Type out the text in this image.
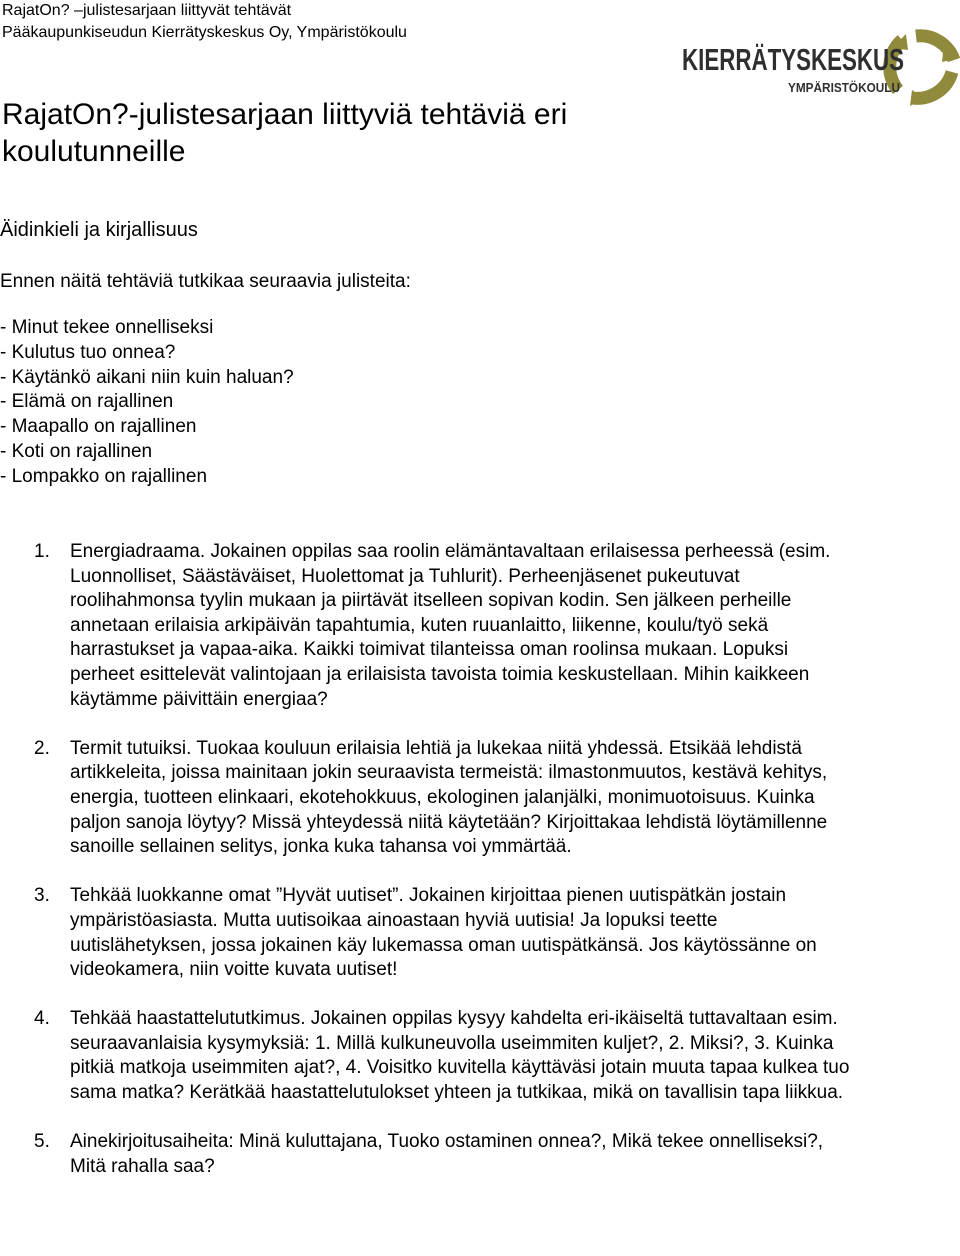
RajatOn? –julistesarjaan liittyvät tehtävät
Pääkaupunkiseudun Kierrätyskeskus Oy, Ympäristökoulu
KIERRÄTYSKESKUS
YMPÄRISTÖKOULU
RajatOn?-julistesarjaan liittyviä tehtäviä eri koulutunneille
Äidinkieli ja kirjallisuus
Ennen näitä tehtäviä tutkikaa seuraavia julisteita:
- Minut tekee onnelliseksi
- Kulutus tuo onnea?
- Käytänkö aikani niin kuin haluan?
- Elämä on rajallinen
- Maapallo on rajallinen
- Koti on rajallinen
- Lompakko on rajallinen
1.	Energiadraama. Jokainen oppilas saa roolin elämäntavaltaan erilaisessa perheessä (esim. Luonnolliset, Säästäväiset, Huolettomat ja Tuhlurit). Perheenjäsenet pukeutuvat roolihahmonsa tyylin mukaan ja piirtävät itselleen sopivan kodin. Sen jälkeen perheille annetaan erilaisia arkipäivän tapahtumia, kuten ruuanlaitto, liikenne, koulu/työ sekä harrastukset ja vapaa-aika. Kaikki toimivat tilanteissa oman roolinsa mukaan. Lopuksi perheet esittelevät valintojaan ja erilaisista tavoista toimia keskustellaan. Mihin kaikkeen käytämme päivittäin energiaa?
2.	Termit tutuiksi. Tuokaa kouluun erilaisia lehtiä ja lukekaa niitä yhdessä. Etsikää lehdistä artikkeleita, joissa mainitaan jokin seuraavista termeistä: ilmastonmuutos, kestävä kehitys, energia, tuotteen elinkaari, ekotehokkuus, ekologinen jalanjälki, monimuotoisuus. Kuinka paljon sanoja löytyy? Missä yhteydessä niitä käytetään? Kirjoittakaa lehdistä löytämillenne sanoille sellainen selitys, jonka kuka tahansa voi ymmärtää.
3.	Tehkää luokkanne omat ”Hyvät uutiset”. Jokainen kirjoittaa pienen uutispätkän jostain ympäristöasiasta. Mutta uutisoikaa ainoastaan hyviä uutisia! Ja lopuksi teette uutislähetyksen, jossa jokainen käy lukemassa oman uutispätkänsä. Jos käytössänne on videokamera, niin voitte kuvata uutiset!
4.	Tehkää haastattelututkimus. Jokainen oppilas kysyy kahdelta eri-ikäiseltä tuttavaltaan esim. seuraavanlaisia kysymyksiä: 1. Millä kulkuneuvolla useimmiten kuljet?, 2. Miksi?, 3. Kuinka pitkiä matkoja useimmiten ajat?, 4. Voisitko kuvitella käyttäväsi jotain muuta tapaa kulkea tuo sama matka? Kerätkää haastattelutulokset yhteen ja tutkikaa, mikä on tavallisin tapa liikkua.
5.	Ainekirjoitusaiheita: Minä kuluttajana, Tuoko ostaminen onnea?, Mikä tekee onnelliseksi?, Mitä rahalla saa?
